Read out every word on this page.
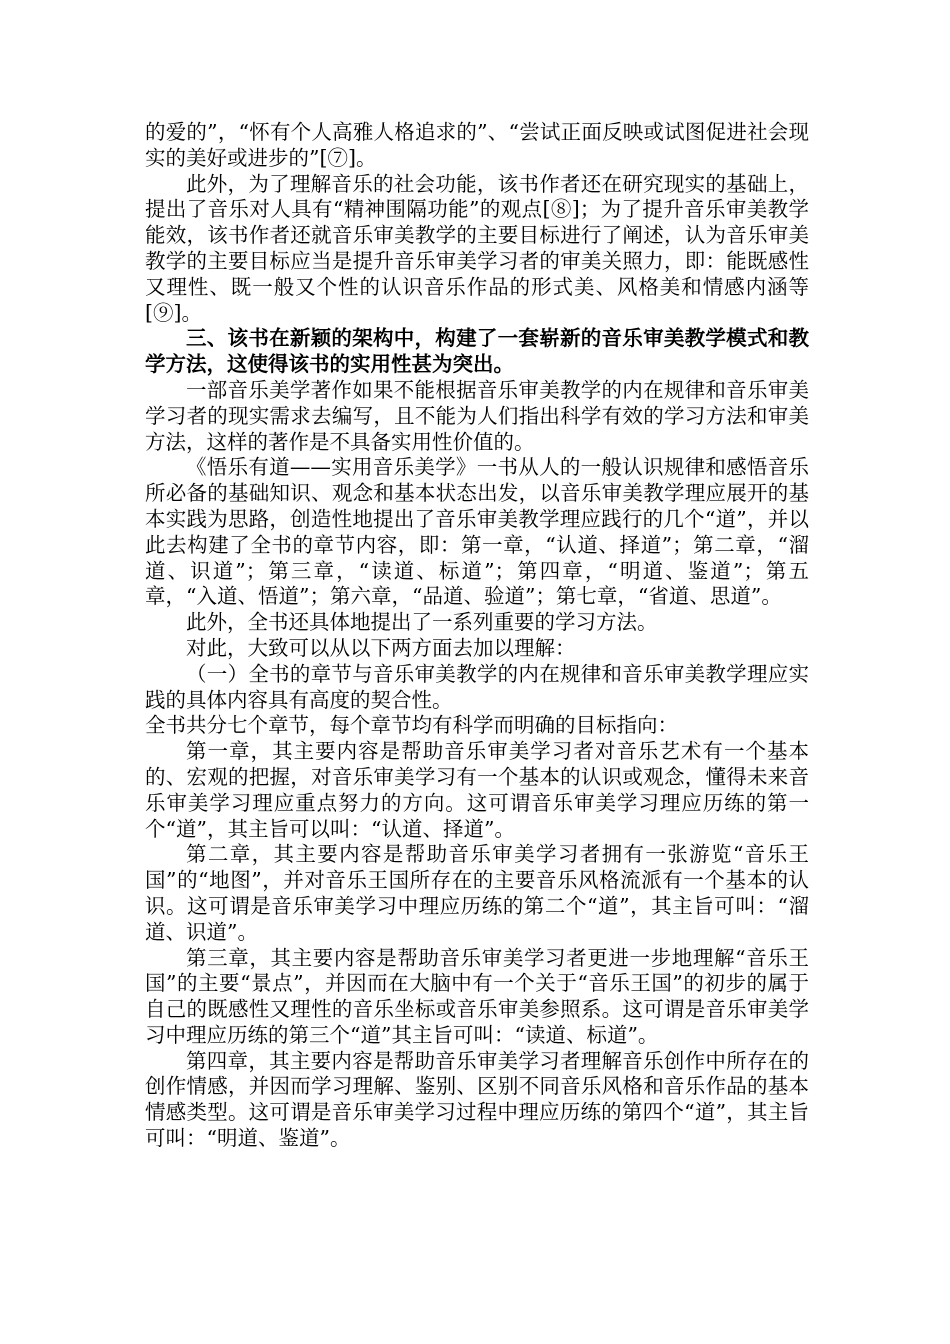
的爱的”，“怀有个人高雅人格追求的”、“尝试正面反映或试图促进社会现实的美好或进步的”[⑦]。

此外，为了理解音乐的社会功能，该书作者还在研究现实的基础上，提出了音乐对人具有“精神围隔功能”的观点[⑧]；为了提升音乐审美教学能效，该书作者还就音乐审美教学的主要目标进行了阐述，认为音乐审美教学的主要目标应当是提升音乐审美学习者的审美关照力，即：能既感性又理性、既一般又个性的认识音乐作品的形式美、风格美和情感内涵等[⑨]。

三、该书在新颖的架构中，构建了一套崭新的音乐审美教学模式和教学方法，这使得该书的实用性甚为突出。

一部音乐美学著作如果不能根据音乐审美教学的内在规律和音乐审美学习者的现实需求去编写，且不能为人们指出科学有效的学习方法和审美方法，这样的著作是不具备实用性价值的。

《悟乐有道——实用音乐美学》一书从人的一般认识规律和感悟音乐所必备的基础知识、观念和基本状态出发，以音乐审美教学理应展开的基本实践为思路，创造性地提出了音乐审美教学理应践行的几个“道”，并以此去构建了全书的章节内容，即：第一章，“认道、择道”；第二章，“溜道、识道”；第三章，“读道、标道”；第四章，“明道、鉴道”；第五章，“入道、悟道”；第六章，“品道、验道”；第七章，“省道、思道”。

此外，全书还具体地提出了一系列重要的学习方法。

对此，大致可以从以下两方面去加以理解：

（一）全书的章节与音乐审美教学的内在规律和音乐审美教学理应实践的具体内容具有高度的契合性。

全书共分七个章节，每个章节均有科学而明确的目标指向：

第一章，其主要内容是帮助音乐审美学习者对音乐艺术有一个基本的、宏观的把握，对音乐审美学习有一个基本的认识或观念，懂得未来音乐审美学习理应重点努力的方向。这可谓音乐审美学习理应历练的第一个“道”，其主旨可以叫：“认道、择道”。

第二章，其主要内容是帮助音乐审美学习者拥有一张游览“音乐王国”的“地图”，并对音乐王国所存在的主要音乐风格流派有一个基本的认识。这可谓是音乐审美学习中理应历练的第二个“道”，其主旨可叫：“溜道、识道”。

第三章，其主要内容是帮助音乐审美学习者更进一步地理解“音乐王国”的主要“景点”，并因而在大脑中有一个关于“音乐王国”的初步的属于自己的既感性又理性的音乐坐标或音乐审美参照系。这可谓是音乐审美学习中理应历练的第三个“道”其主旨可叫：“读道、标道”。

第四章，其主要内容是帮助音乐审美学习者理解音乐创作中所存在的创作情感，并因而学习理解、鉴别、区别不同音乐风格和音乐作品的基本情感类型。这可谓是音乐审美学习过程中理应历练的第四个“道”，其主旨可叫：“明道、鉴道”。
